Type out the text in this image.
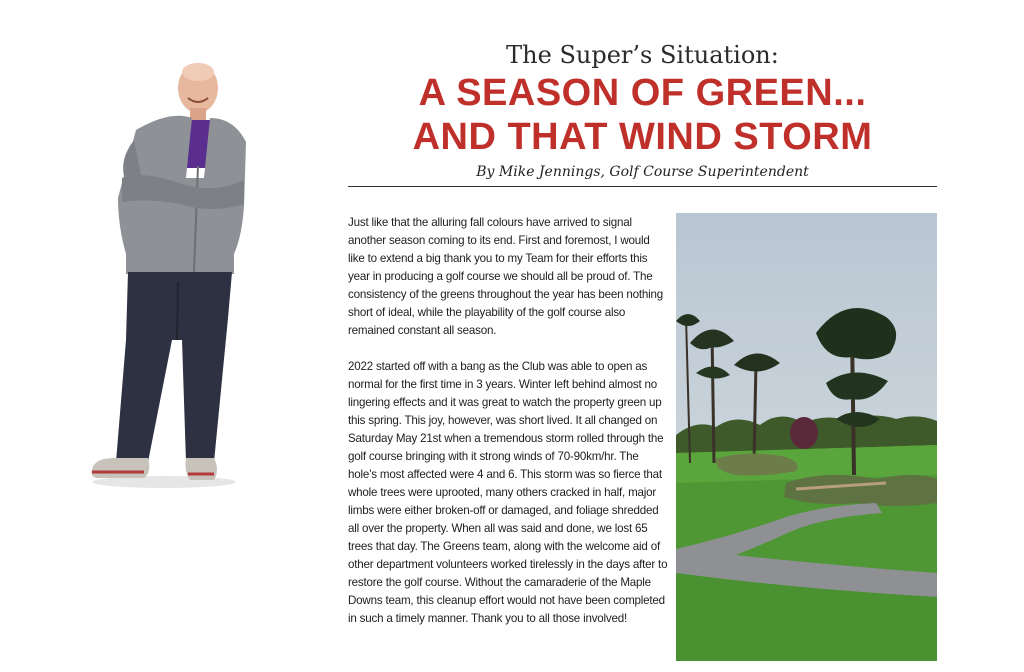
The Super’s Situation:
A SEASON OF GREEN...
AND THAT WIND STORM
By Mike Jennings, Golf Course Superintendent

Just like that the alluring fall colours have arrived to signal another season coming to its end. First and foremost, I would like to extend a big thank you to my Team for their efforts this year in producing a golf course we should all be proud of. The consistency of the greens throughout the year has been nothing short of ideal, while the playability of the golf course also remained constant all season.

2022 started off with a bang as the Club was able to open as normal for the first time in 3 years. Winter left behind almost no lingering effects and it was great to watch the property green up this spring. This joy, however, was short lived. It all changed on Saturday May 21st when a tremendous storm rolled through the golf course bringing with it strong winds of 70-90km/hr. The hole’s most affected were 4 and 6. This storm was so fierce that whole trees were uprooted, many others cracked in half, major limbs were either broken-off or damaged, and foliage shredded all over the property. When all was said and done, we lost 65 trees that day. The Greens team, along with the welcome aid of other department volunteers worked tirelessly in the days after to restore the golf course. Without the camaraderie of the Maple Downs team, this cleanup effort would not have been completed in such a timely manner. Thank you to all those involved!
